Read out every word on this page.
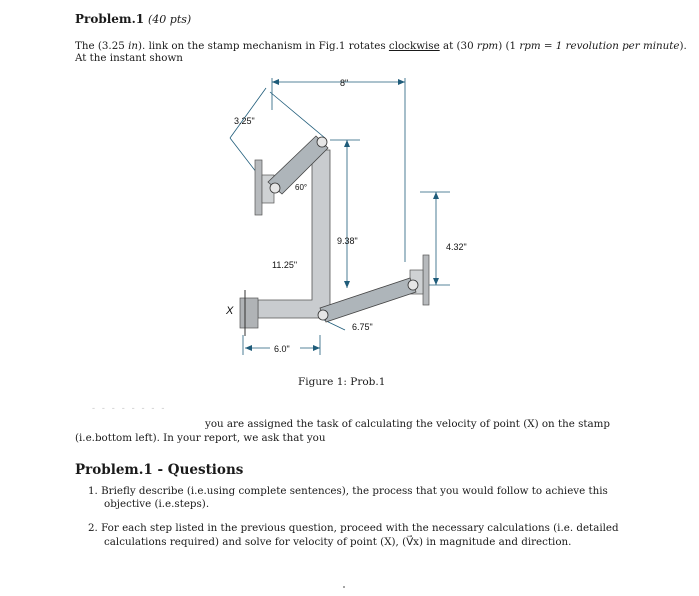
Problem.1 (40 pts)
The (3.25 in). link on the stamp mechanism in Fig.1 rotates clockwise at (30 rpm) (1 rpm = 1 revolution per minute).
At the instant shown
8"
3.25"
60°
9.38"
4.32"
11.25"
6.75"
6.0"
X
Figure 1: Prob.1
- - - - - - - -
you are assigned the task of calculating the velocity of point (X) on the stamp
(i.e.bottom left). In your report, we ask that you
Problem.1 - Questions
1. Briefly describe (i.e.using complete sentences), the process that you would follow to achieve this
objective (i.e.steps).
2. For each step listed in the previous question, proceed with the necessary calculations (i.e. detailed
calculations required) and solve for velocity of point (X), (V⃗x) in magnitude and direction.
